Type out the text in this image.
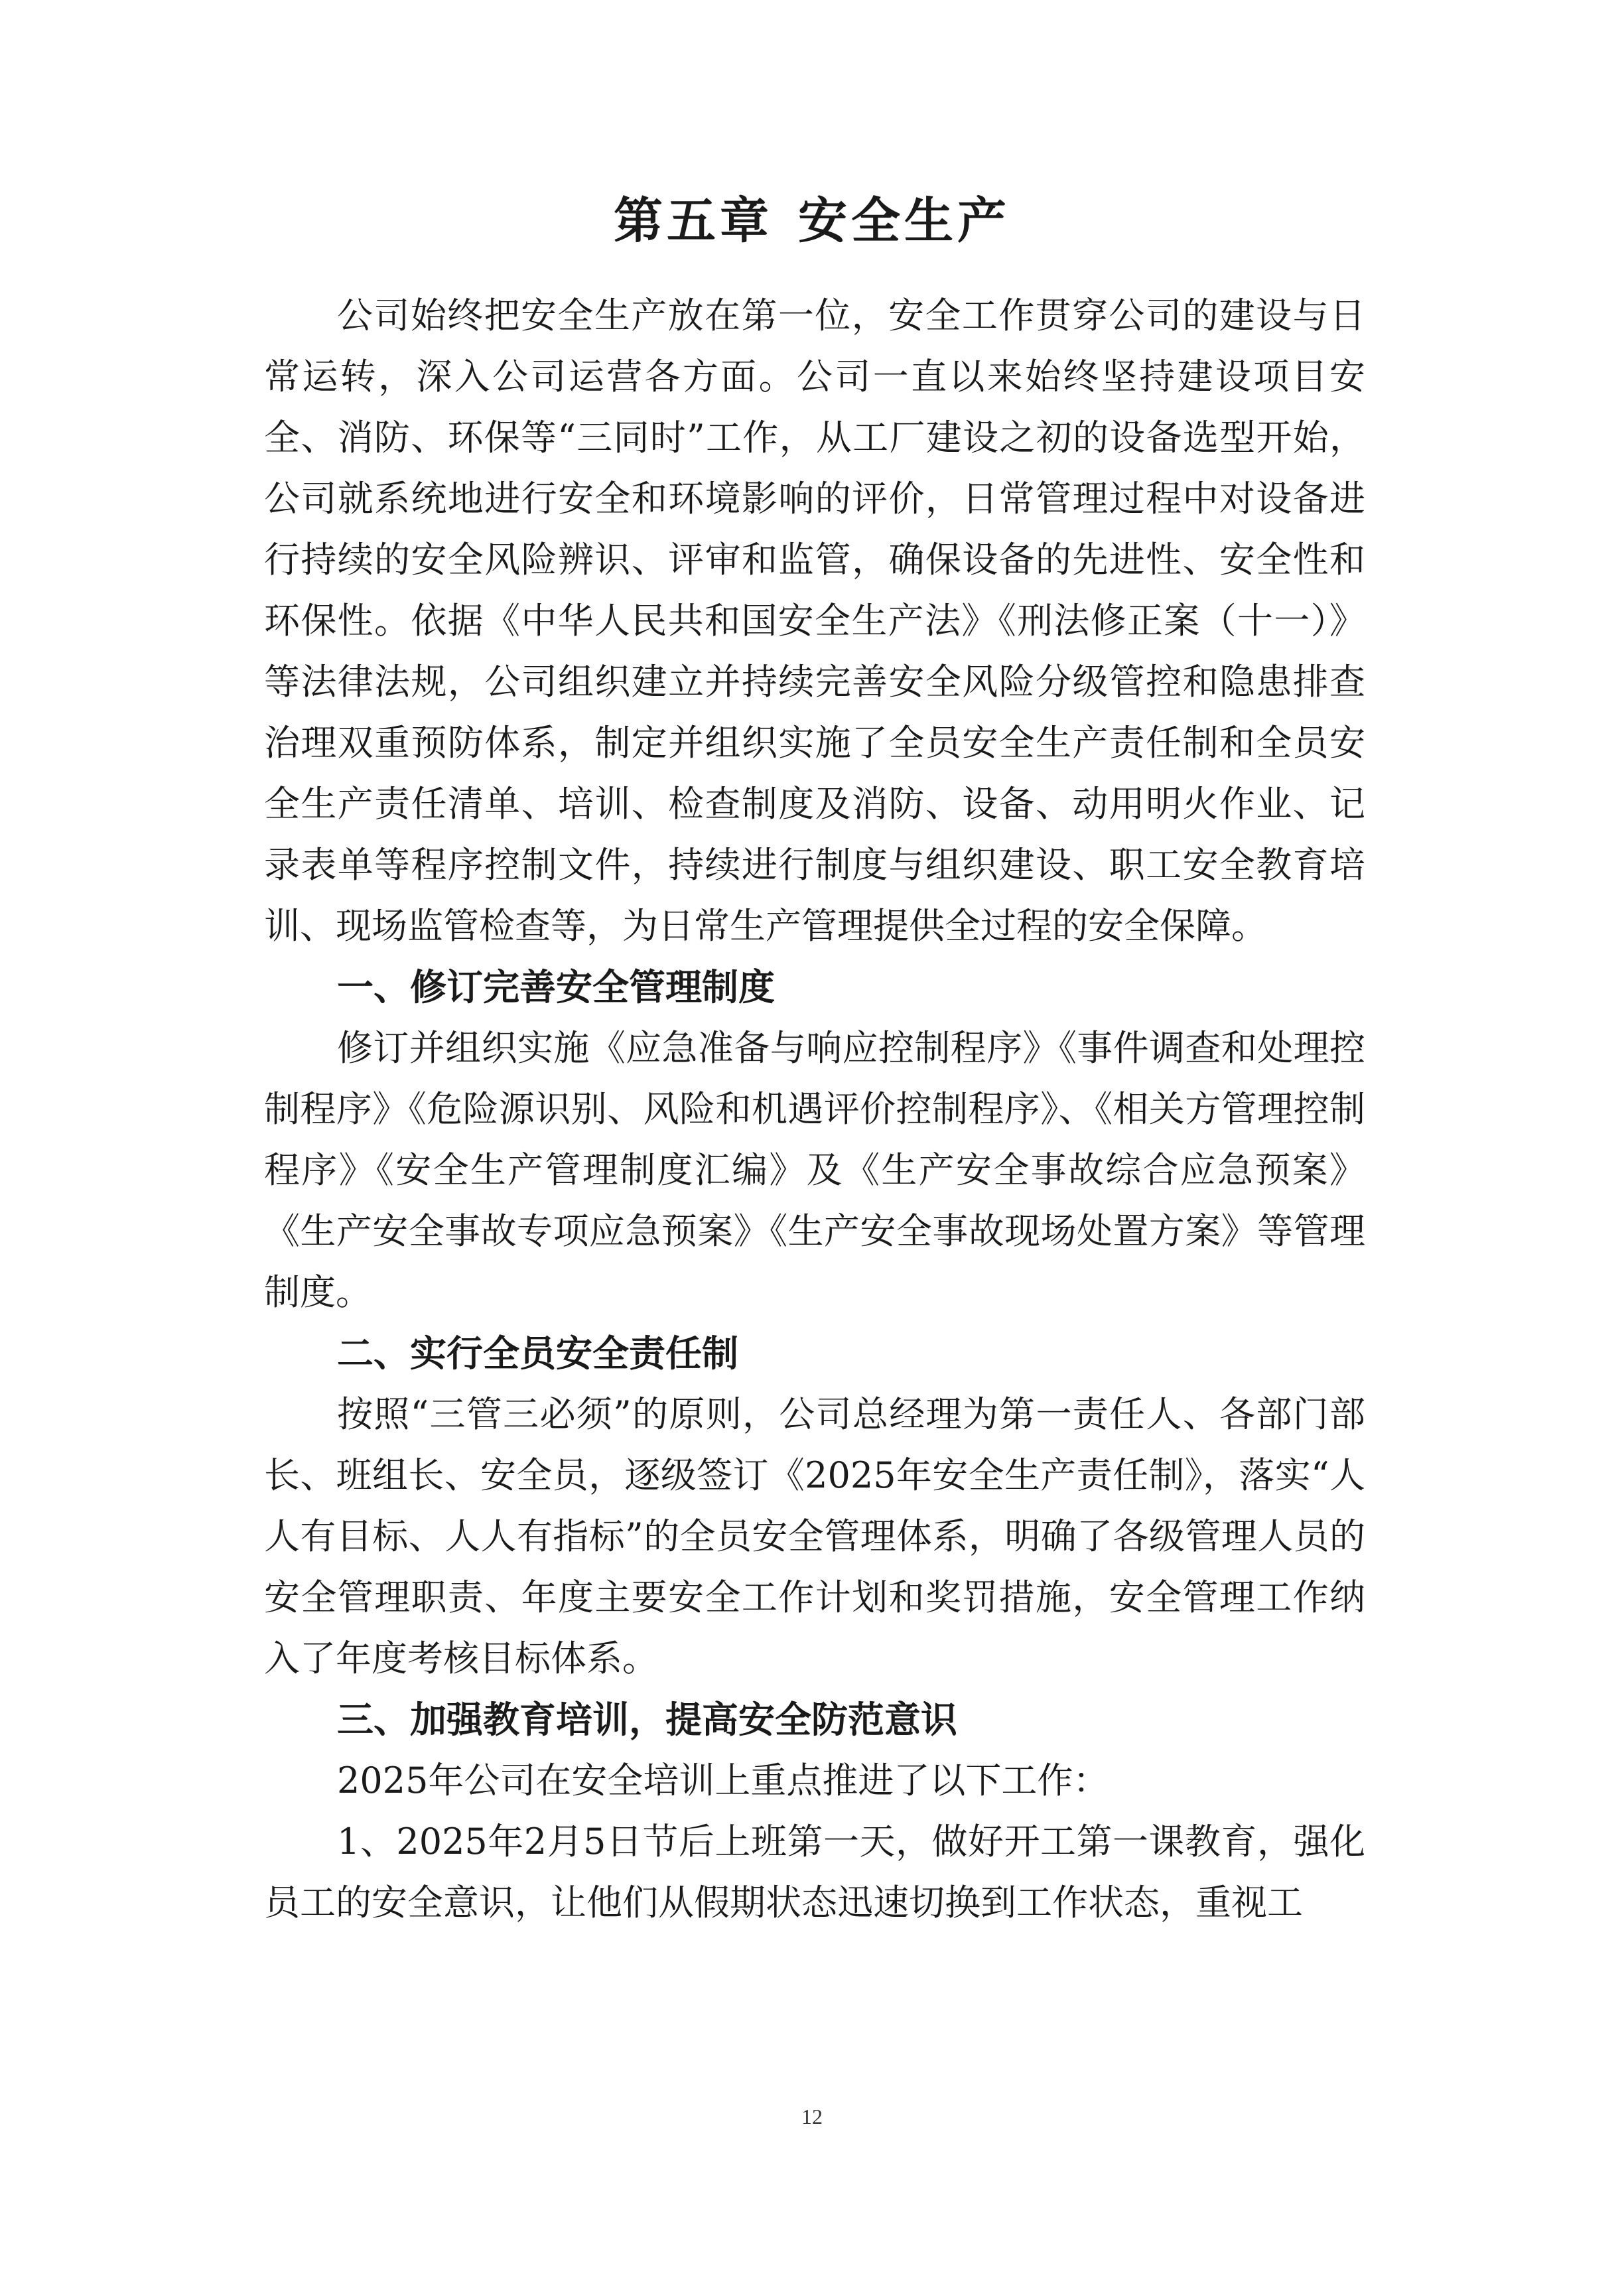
第五章 安全生产

公司始终把安全生产放在第一位，安全工作贯穿公司的建设与日常运转，深入公司运营各方面。公司一直以来始终坚持建设项目安全、消防、环保等“三同时”工作，从工厂建设之初的设备选型开始，公司就系统地进行安全和环境影响的评价，日常管理过程中对设备进行持续的安全风险辨识、评审和监管，确保设备的先进性、安全性和环保性。依据《中华人民共和国安全生产法》《刑法修正案（十一）》等法律法规，公司组织建立并持续完善安全风险分级管控和隐患排查治理双重预防体系，制定并组织实施了全员安全生产责任制和全员安全生产责任清单、培训、检查制度及消防、设备、动用明火作业、记录表单等程序控制文件，持续进行制度与组织建设、职工安全教育培训、现场监管检查等，为日常生产管理提供全过程的安全保障。

一、修订完善安全管理制度

修订并组织实施《应急准备与响应控制程序》《事件调查和处理控制程序》《危险源识别、风险和机遇评价控制程序》、《相关方管理控制程序》《安全生产管理制度汇编》及《生产安全事故综合应急预案》《生产安全事故专项应急预案》《生产安全事故现场处置方案》等管理制度。

二、实行全员安全责任制

按照“三管三必须”的原则，公司总经理为第一责任人、各部门部长、班组长、安全员，逐级签订《2025年安全生产责任制》，落实“人人有目标、人人有指标”的全员安全管理体系，明确了各级管理人员的安全管理职责、年度主要安全工作计划和奖罚措施，安全管理工作纳入了年度考核目标体系。

三、加强教育培训，提高安全防范意识

2025年公司在安全培训上重点推进了以下工作：

1、2025年2月5日节后上班第一天，做好开工第一课教育，强化员工的安全意识，让他们从假期状态迅速切换到工作状态，重视工

12
